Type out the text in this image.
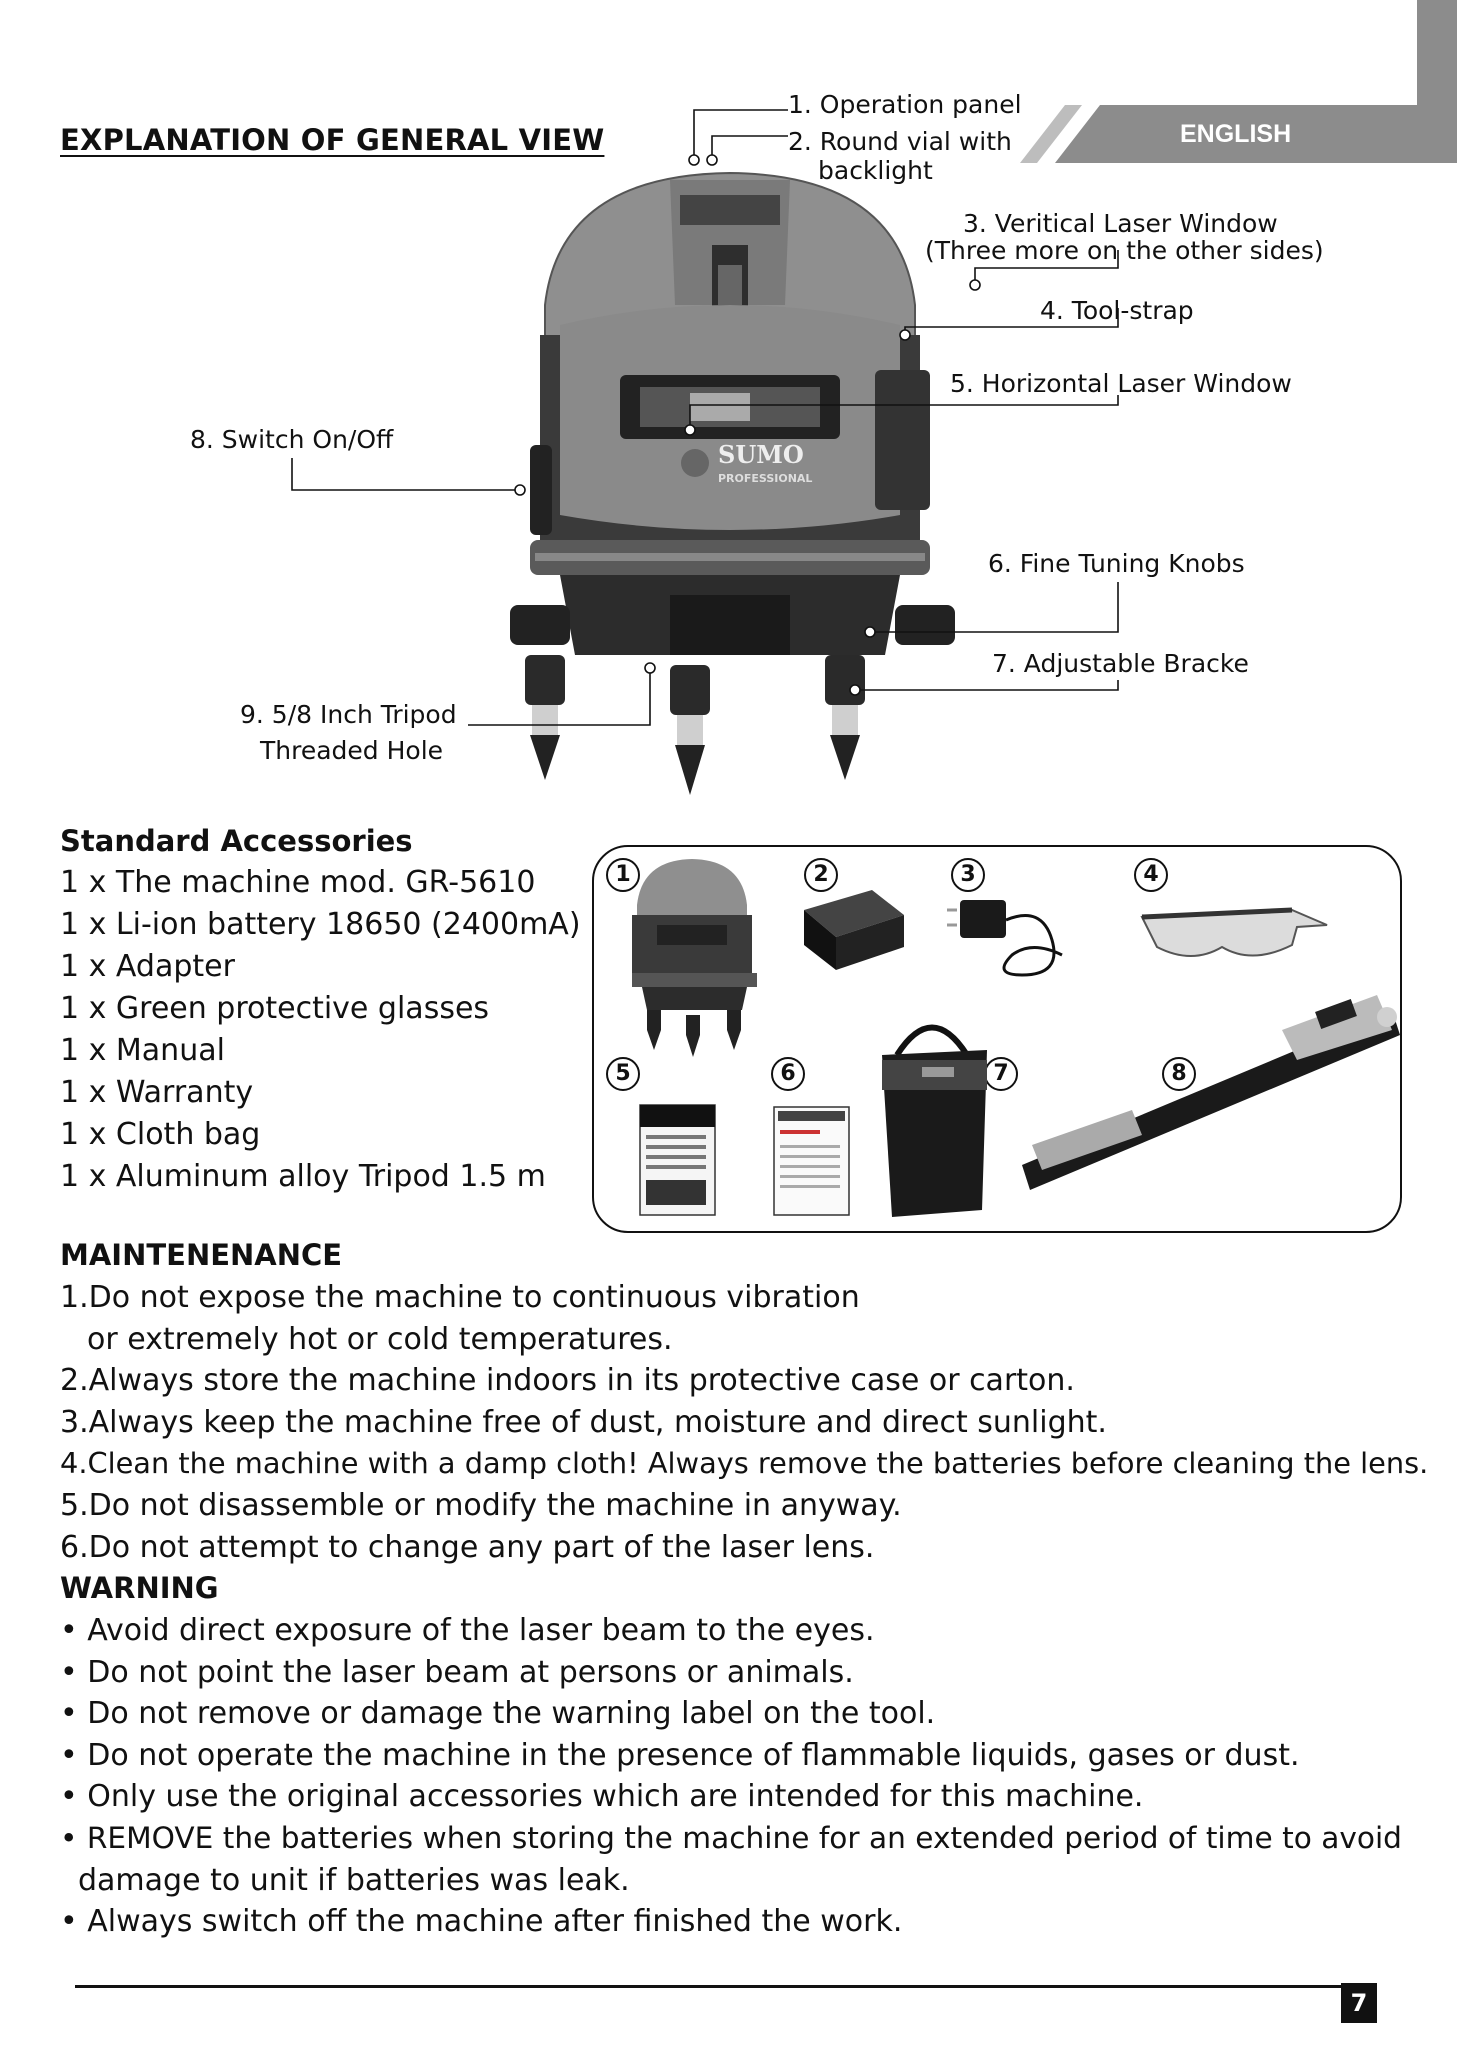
ENGLISH
EXPLANATION OF GENERAL VIEW
SUMO
PROFESSIONAL
1. Operation panel
2. Round vial with
backlight
3. Veritical Laser Window
(Three more on the other sides)
4. Tool-strap
5. Horizontal Laser Window
6. Fine Tuning Knobs
7. Adjustable Bracke
8. Switch On/Off
9. 5/8 Inch Tripod
Threaded Hole
Standard Accessories
1 x The machine mod. GR-5610
1 x Li-ion battery 18650 (2400mA)
1 x Adapter
1 x Green protective glasses
1 x Manual
1 x Warranty
1 x Cloth bag
1 x Aluminum alloy Tripod 1.5 m
1	2	3	4
5	6	7	8
MAINTENENANCE
1.Do not expose the machine to continuous vibration
or extremely hot or cold temperatures.
2.Always store the machine indoors in its protective case or carton.
3.Always keep the machine free of dust, moisture and direct sunlight.
4.Clean the machine with a damp cloth! Always remove the batteries before cleaning the lens.
5.Do not disassemble or modify the machine in anyway.
6.Do not attempt to change any part of the laser lens.
WARNING
• Avoid direct exposure of the laser beam to the eyes.
• Do not point the laser beam at persons or animals.
• Do not remove or damage the warning label on the tool.
• Do not operate the machine in the presence of flammable liquids, gases or dust.
• Only use the original accessories which are intended for this machine.
• REMOVE the batteries when storing the machine for an extended period of time to avoid
damage to unit if batteries was leak.
• Always switch off the machine after finished the work.
7
